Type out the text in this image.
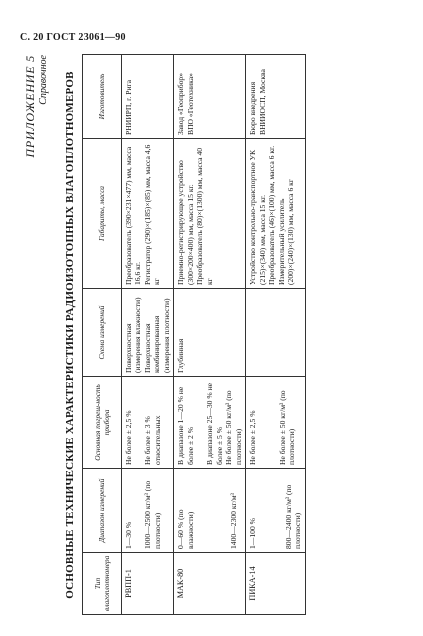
С. 20 ГОСТ 23061—90
ПРИЛОЖЕНИЕ 5 Справочное ОСНОВНЫЕ ТЕХНИЧЕСКИЕ ХАРАКТЕРИСТИКИ РАДИОИЗОТОПНЫХ ВЛАГОПЛОТНОМЕРОВ Тип влагоплотномера	Диапазон измерений	Основная погреш-ность прибора	Схема измерений	Габариты, масса	Изготовитель
РВПП-1	1—30 % 1000—2500 кг/м³ (по плотности)	Не более ± 2,5 % Не более ± 3 % относительных	Поверхностная (измерения влажности) Поверхностная комбинированная (измерения плотности)	Преобразователь (390×231×477) мм, масса 16,6 кг. Регистратор (290)×(185)×(85) мм, масса 4,6 кг	РНИИРП, г. Рига

МАК-80	0—60 % (по влажности) 1400—2300 кг/м³	В диапазоне 1—20 % не более ± 2 % В диапазоне 25—30 % не более ± 5 % Не более ± 50 кг/м³ (по плотности)	Глубинная	Приемно-регистрирующее устройство (300×200×400) мм, масса 15 кг. Преобразователь (80)×(1300) мм, масса 40 кг	Завод «Геоприбор» ВПО «Геотехника»

ПИКА-14	1—100 % 800—2400 кг/м³ (по плотности)	Не более ± 2,5 % Не более ± 50 кг/м³ (по плотности)		Устройство контрольно-транспортное УК (215)×(340) мм, масса 15 кг. Преобразователь (46)×(100) мм, масса 6 кг. Измерительный усилитель (200)×(240)×(130) мм, масса 6 кг	Бюро внедрения ВНИИОСП, Москва
